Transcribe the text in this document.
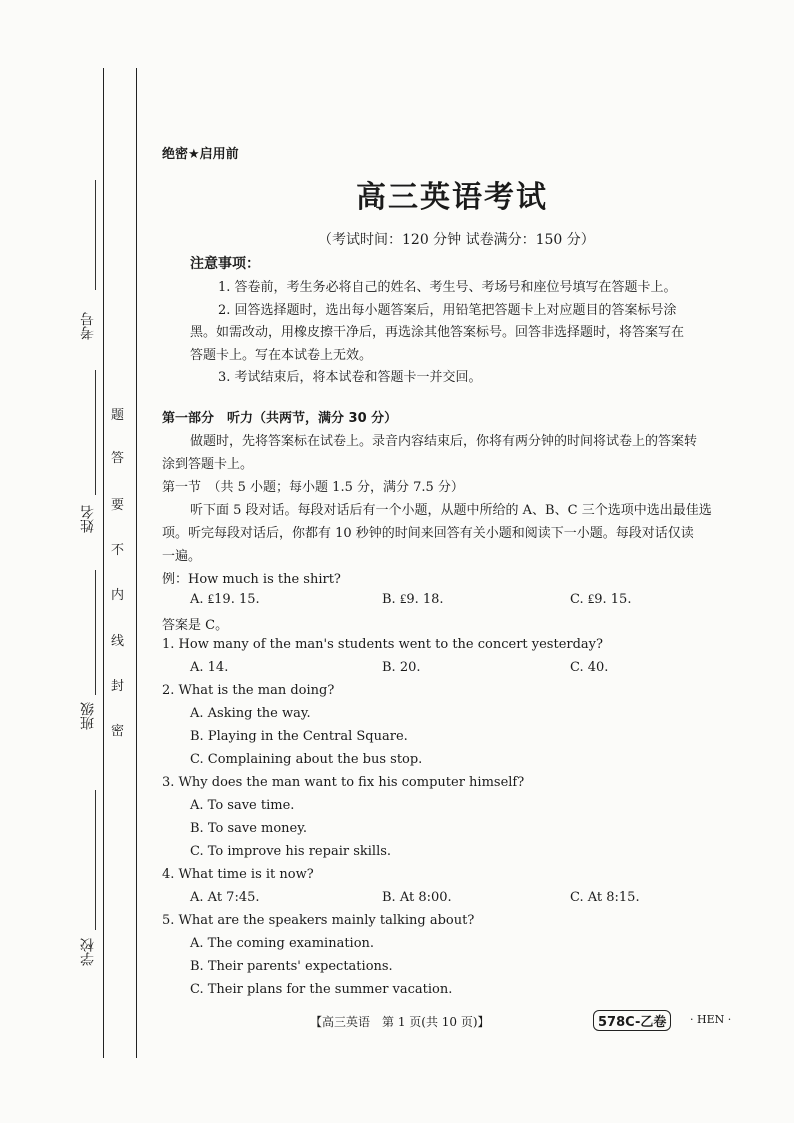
考号
姓名
班级
学校
题
答
要
不
内
线
封
密
绝密★启用前
高三英语考试
（考试时间：120 分钟 试卷满分：150 分）
注意事项：
1. 答卷前，考生务必将自己的姓名、考生号、考场号和座位号填写在答题卡上。
2. 回答选择题时，选出每小题答案后，用铅笔把答题卡上对应题目的答案标号涂
黑。如需改动，用橡皮擦干净后，再选涂其他答案标号。回答非选择题时，将答案写在
答题卡上。写在本试卷上无效。
3. 考试结束后，将本试卷和答题卡一并交回。
第一部分　听力（共两节，满分 30 分）
做题时，先将答案标在试卷上。录音内容结束后，你将有两分钟的时间将试卷上的答案转
涂到答题卡上。
第一节　（共 5 小题；每小题 1.5 分，满分 7.5 分）
听下面 5 段对话。每段对话后有一个小题，从题中所给的 A、B、C 三个选项中选出最佳选
项。听完每段对话后，你都有 10 秒钟的时间来回答有关小题和阅读下一小题。每段对话仅读
一遍。
例：How much is the shirt?
A. ₤19. 15.	B. ₤9. 18.	C. ₤9. 15.
答案是 C。
1. How many of the man's students went to the concert yesterday?
A. 14.	B. 20.	C. 40.
2. What is the man doing?
A. Asking the way.
B. Playing in the Central Square.
C. Complaining about the bus stop.
3. Why does the man want to fix his computer himself?
A. To save time.
B. To save money.
C. To improve his repair skills.
4. What time is it now?
A. At 7:45.	B. At 8:00.	C. At 8:15.
5. What are the speakers mainly talking about?
A. The coming examination.
B. Their parents' expectations.
C. Their plans for the summer vacation.
【高三英语　第 1 页(共 10 页)】	578C-乙卷	· HEN ·
